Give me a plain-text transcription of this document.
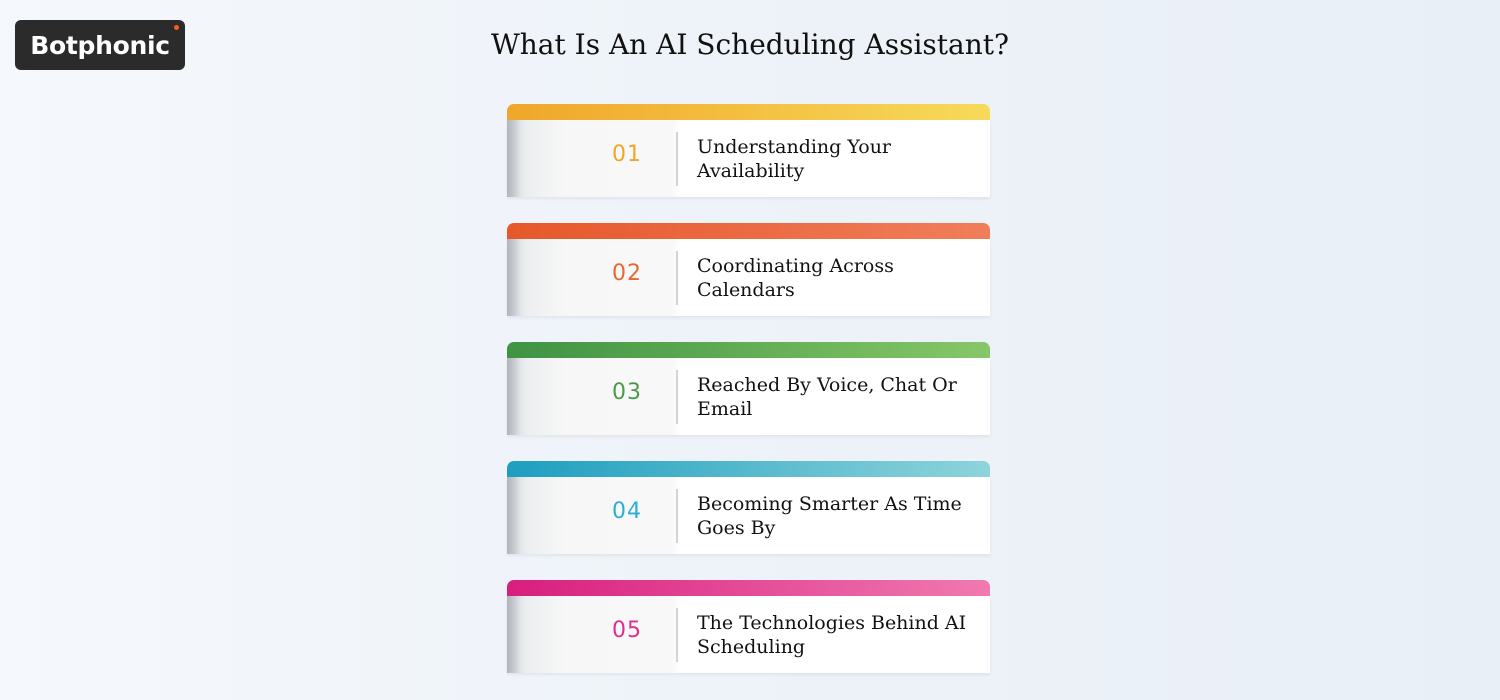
Botphonic	What Is An AI Scheduling Assistant?
01	Understanding Your Availability
02	Coordinating Across Calendars
03	Reached By Voice, Chat Or Email
04	Becoming Smarter As Time Goes By
05	The Technologies Behind AI Scheduling
